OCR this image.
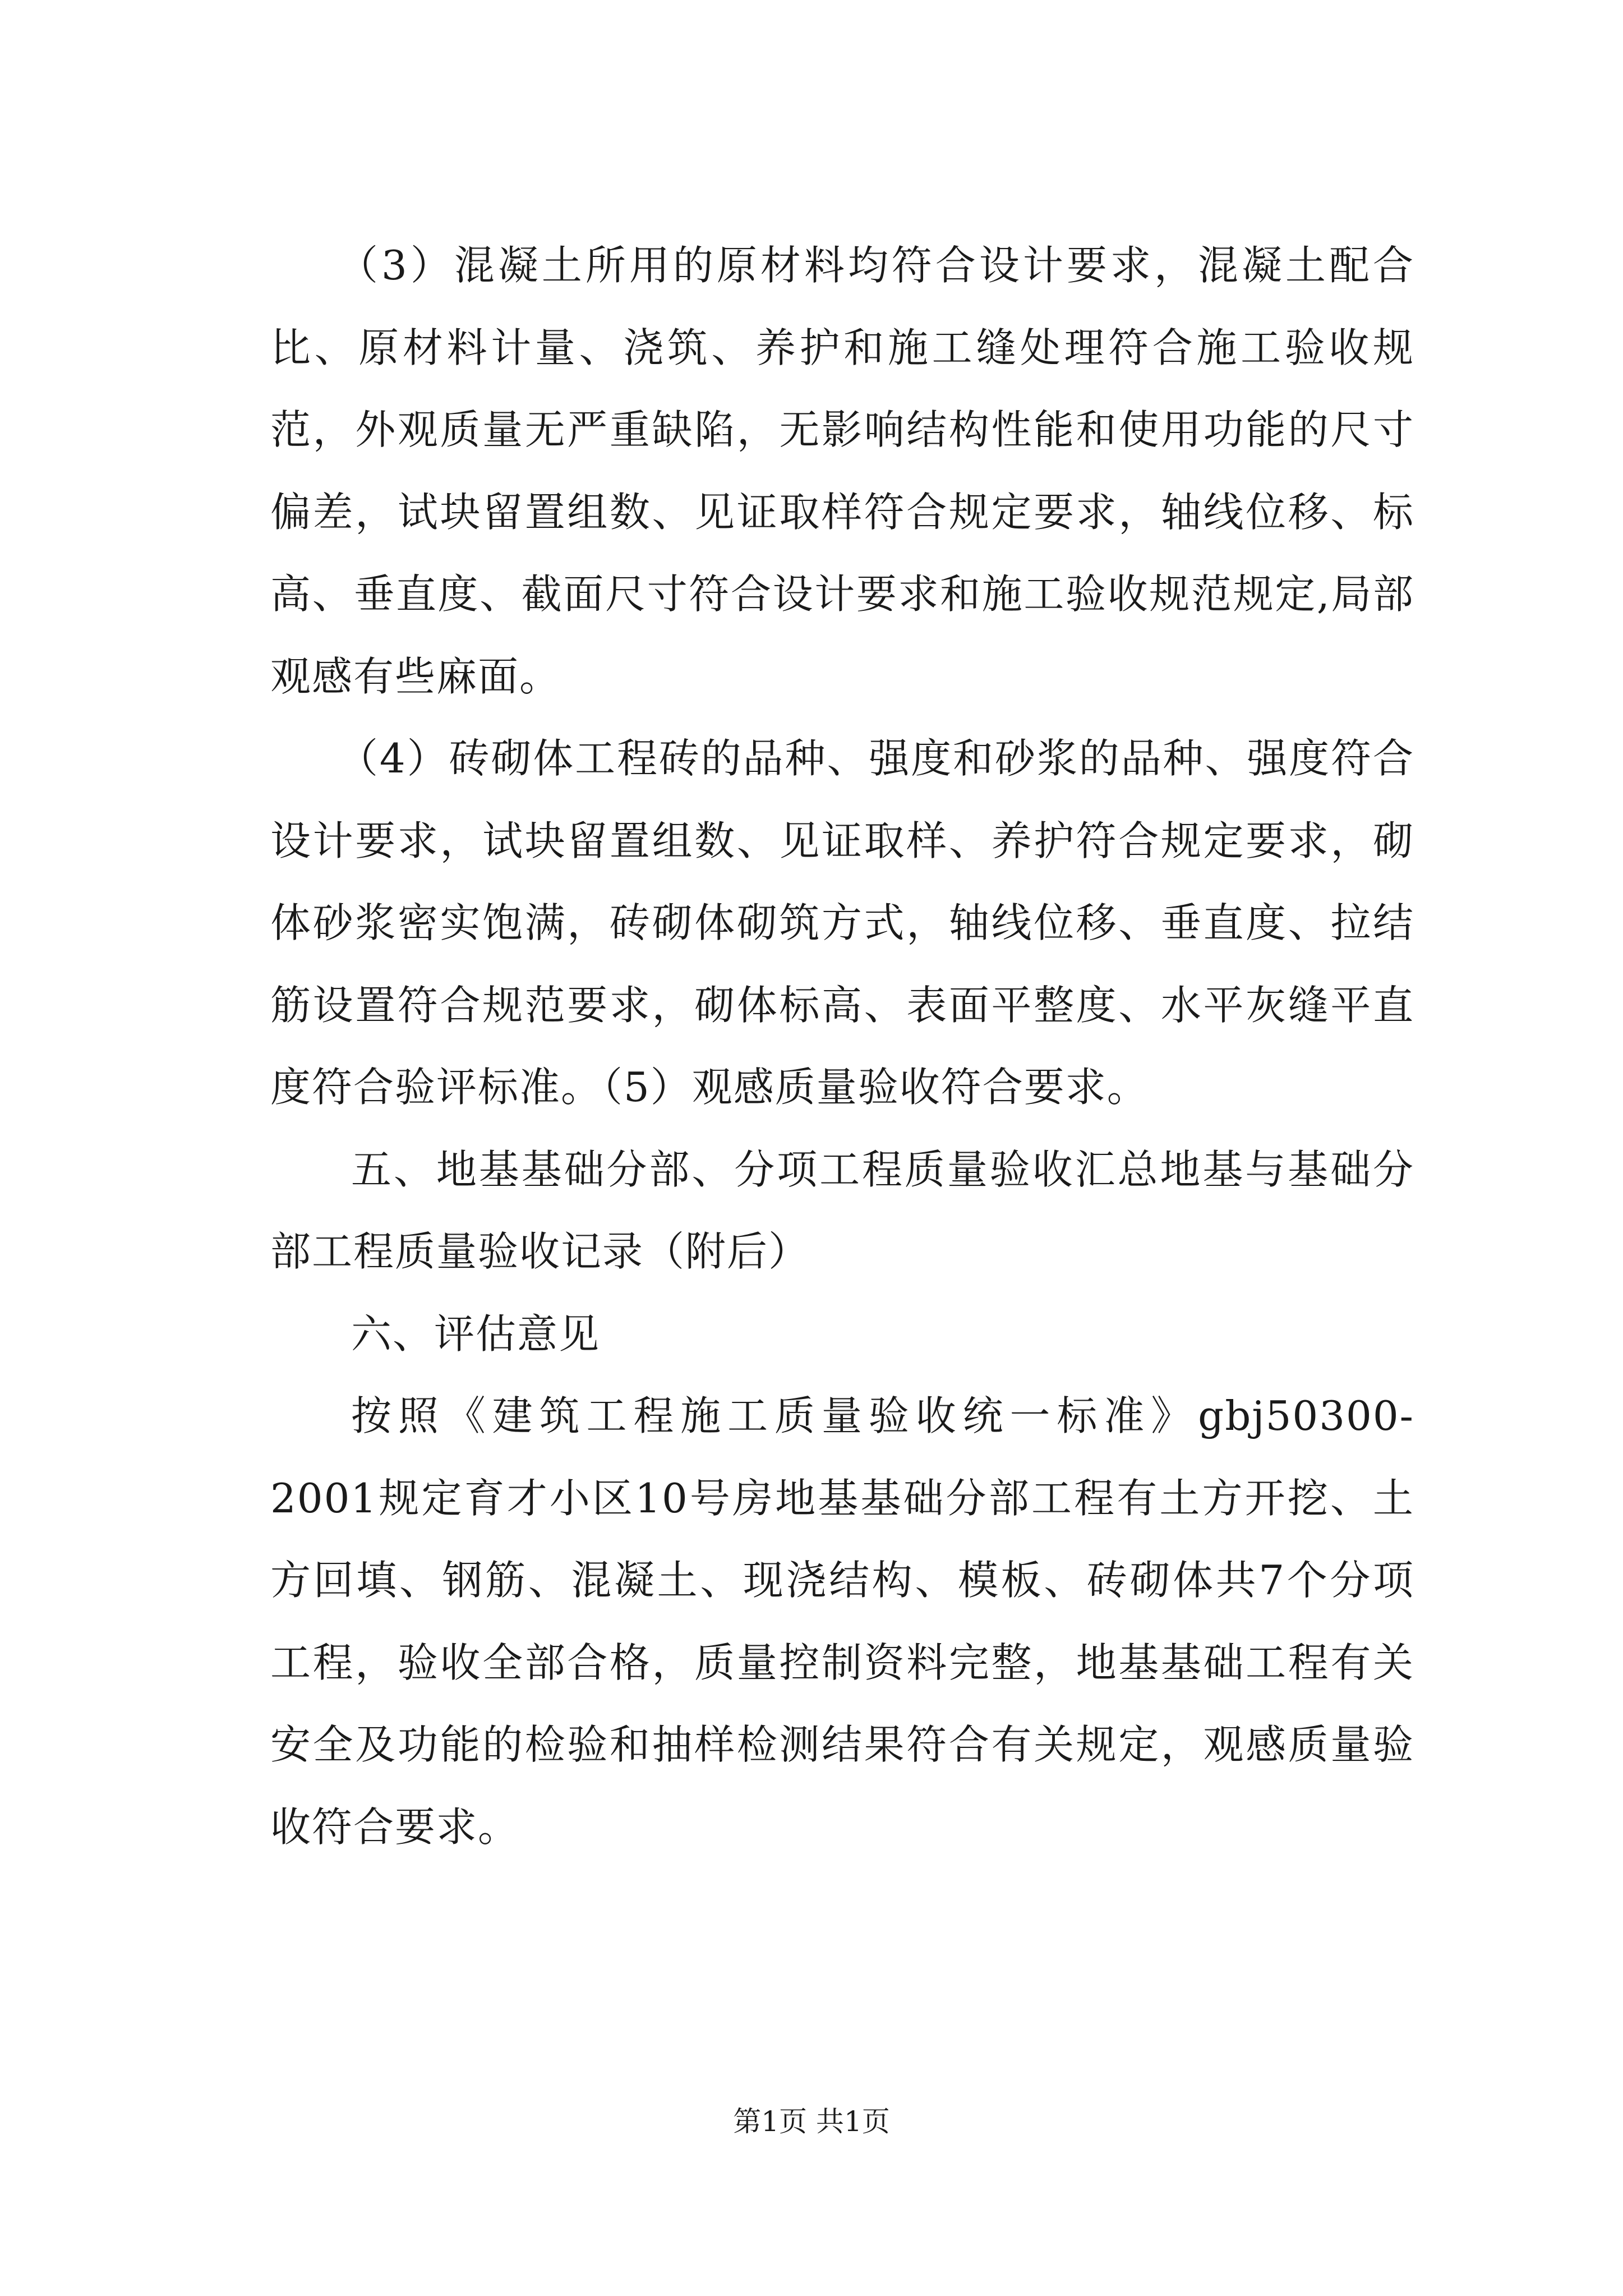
（3）混凝土所用的原材料均符合设计要求，混凝土配合比、原材料计量、浇筑、养护和施工缝处理符合施工验收规范，外观质量无严重缺陷，无影响结构性能和使用功能的尺寸偏差，试块留置组数、见证取样符合规定要求，轴线位移、标高、垂直度、截面尺寸符合设计要求和施工验收规范规定,局部观感有些麻面。

（4）砖砌体工程砖的品种、强度和砂浆的品种、强度符合设计要求，试块留置组数、见证取样、养护符合规定要求，砌体砂浆密实饱满，砖砌体砌筑方式，轴线位移、垂直度、拉结筋设置符合规范要求，砌体标高、表面平整度、水平灰缝平直度符合验评标准。（5）观感质量验收符合要求。

五、地基基础分部、分项工程质量验收汇总地基与基础分部工程质量验收记录（附后）

六、评估意见

按照《建筑工程施工质量验收统一标准》gbj50300-2001规定育才小区10号房地基基础分部工程有土方开挖、土方回填、钢筋、混凝土、现浇结构、模板、砖砌体共7个分项工程，验收全部合格，质量控制资料完整，地基基础工程有关安全及功能的检验和抽样检测结果符合有关规定，观感质量验收符合要求。

第1页 共1页
